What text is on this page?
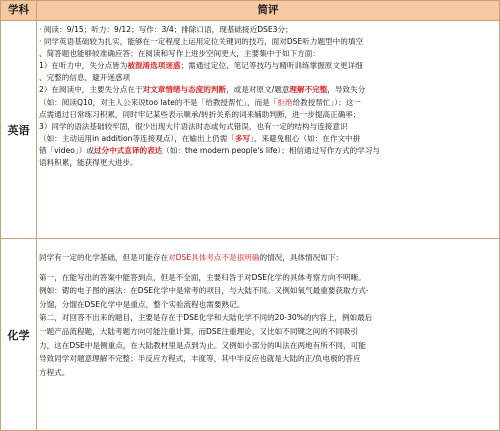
学科	简评
英语

· 阅读：9/15；听力：9/12；写作：3/4；排除口语，现基础接近DSE3分；

· 同学英语基础较为扎实，能够在一定程度上运用定位关键词的技巧，面对DSE听力题型中的填空

、简答题也能够较准确应答；在阅读和写作上进步空间更大，主要集中于如下方面：

1）在听力中，失分点皆为被混淆选项迷惑；需通过定位、笔记等技巧与精听训练掌握原文更详细

、完整的信息，避开迷惑项

2）在阅读中，主要失分点在于对文章情绪与态度的判断，或是对原文/题意理解不完整，导致失分

（如：阅读Q10，对主人公来说too late的不是「给教授帮忙」，而是「拒绝给教授帮忙」）；这一

点需通过日常练习积累，同时牢记某些表示顺承/转折关系的词来辅助判断，进一步提高正确率；

3）同学的语法基础较牢固，很少出现大片语法时态或句式错误，也有一定的结构与连接意识

（如：主动运用in addition等连接观点），在输出上仍需「多写」，来避免粗心（如：在作文中拼

错「video」）或过分中式直译的表达（如：the modern people's life）；相信通过写作方式的学习与

语料积累，能获得更大进步。

化学

同学有一定的化学基础，但是可能存在对DSE具体考点不是很明确的情况，具体情况如下：

第一，在能写出的答案中能答到点，但是不全面，主要归咎于对DSE化学的具体考察方向不明晰。

例如：锶的电子图的画法：在DSE化学中是常考的项目，与大陆不同。又例如氧气最重要获取方式-

分馏，分馏在DSE化学中是重点，整个实验流程也需要熟记。

第二，对回答不出来的题目，主要是存在于DSE化学和大陆化学不同的20-30%的内容上，例如最后

一题产品流程题，大陆考题方向可能注重计算，而DSE注重理论，又比如不同键之间的不同吸引

力，这在DSE中是侧重点，在大陆教材里是点到为止。又例如小部分的叫法在两地有所不同，可能

导致同学对题意理解不完整；半反应方程式，丰度等，其中半反应也就是大陆的正/负电极的答应

方程式。
